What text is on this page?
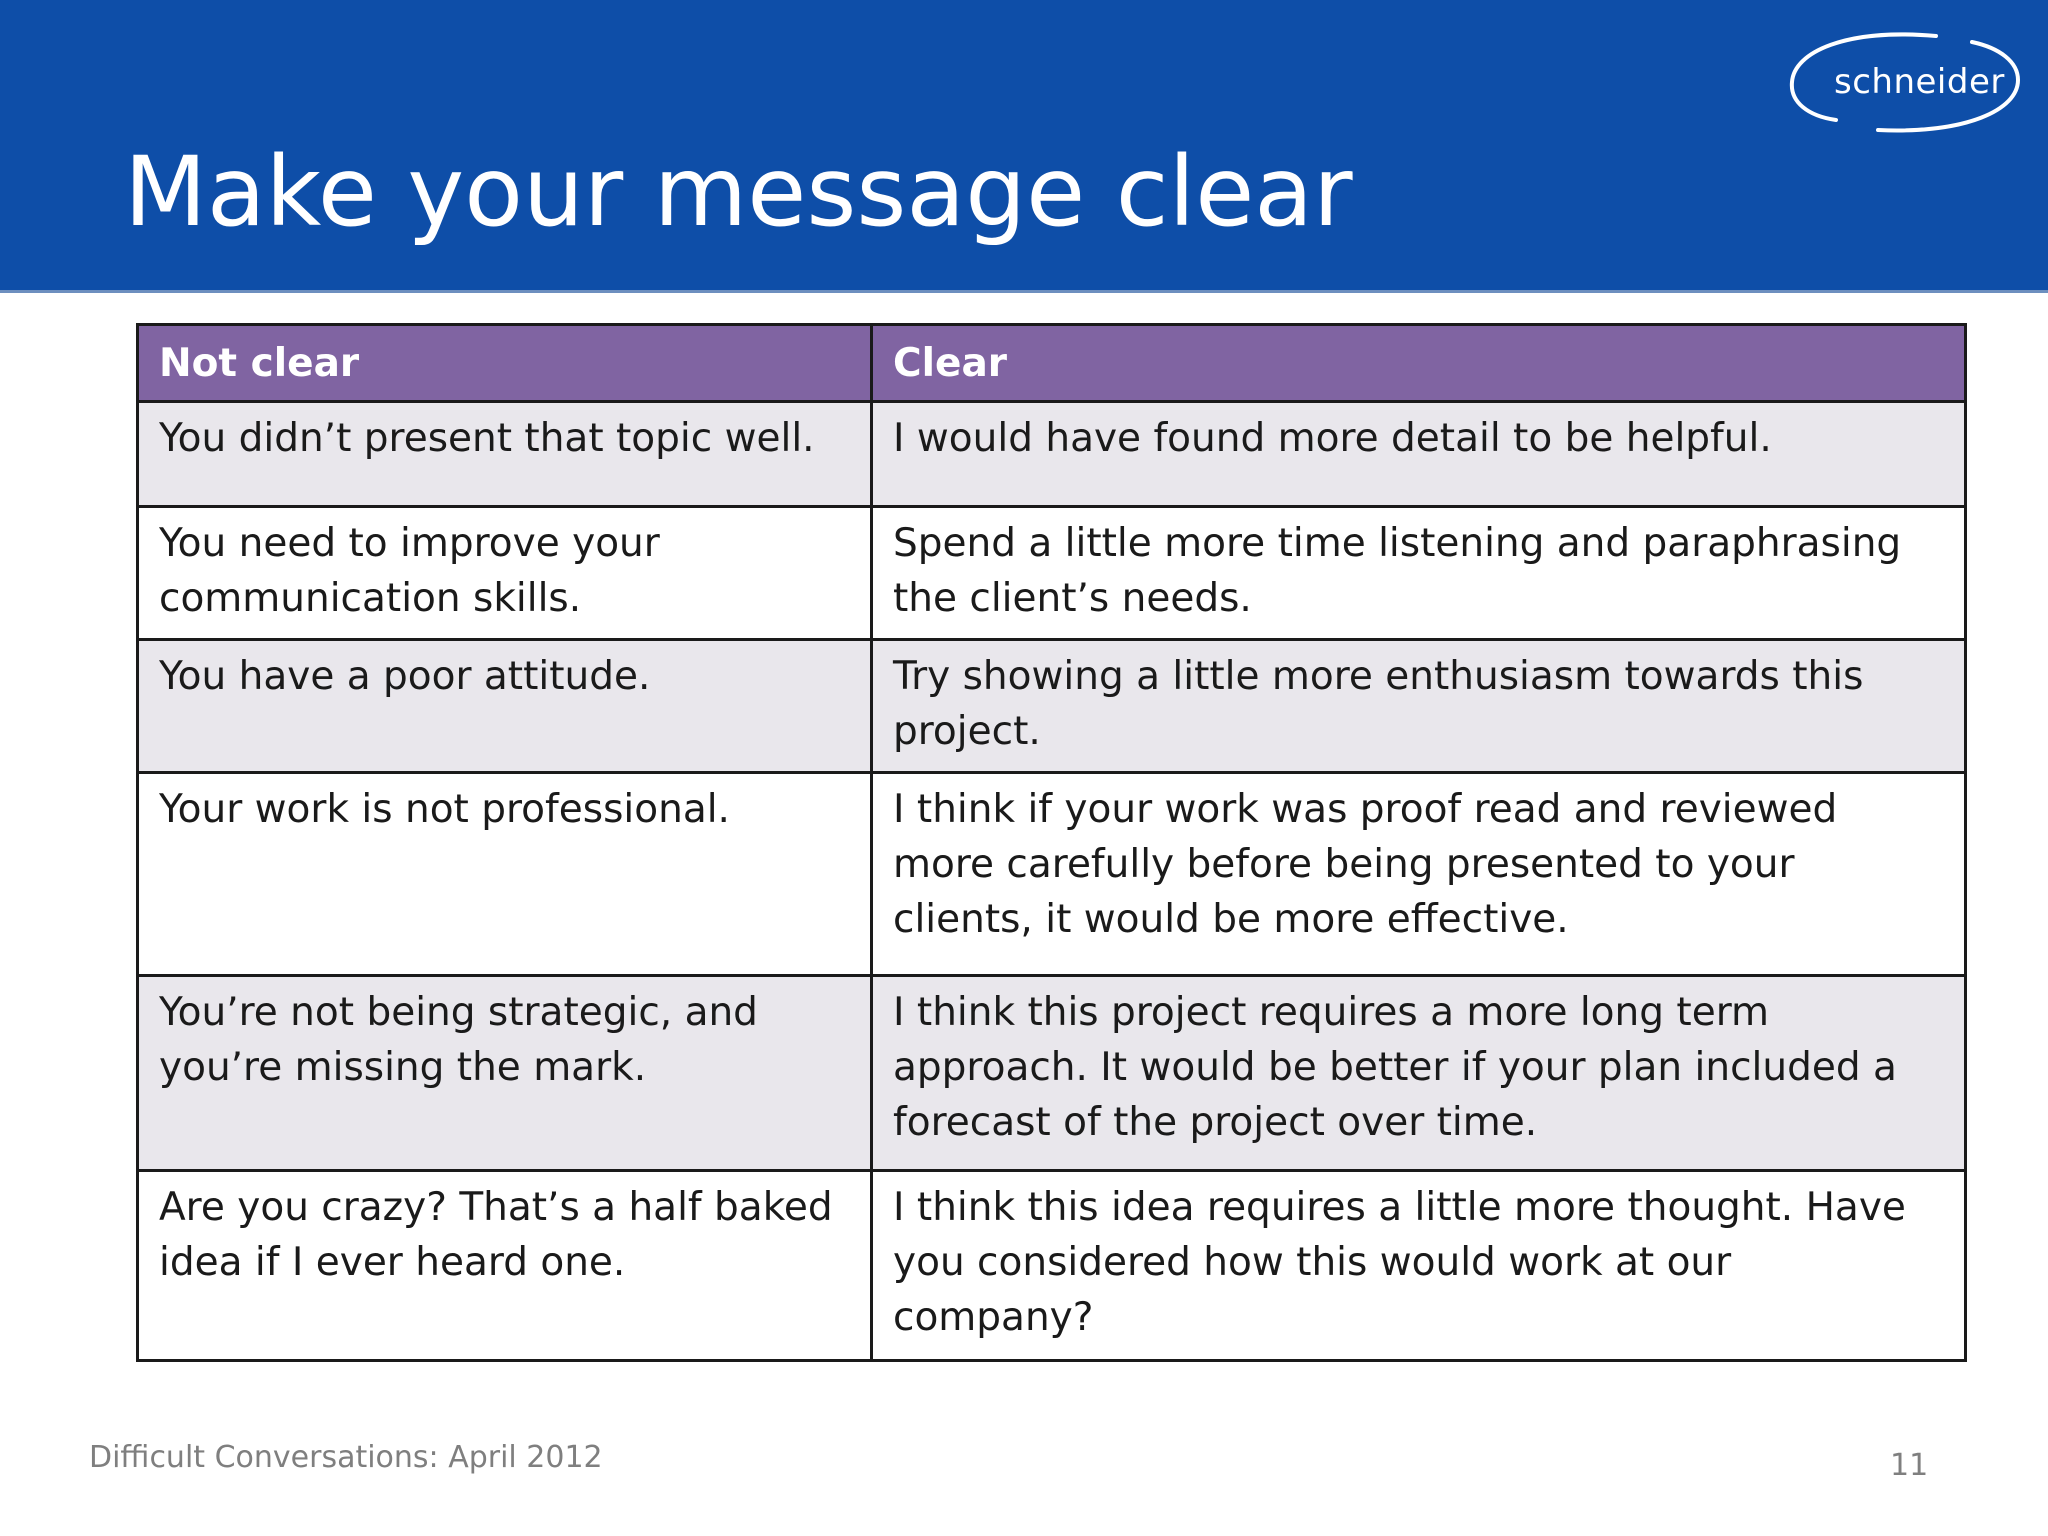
Make your message clear
schneider
Not clear	Clear
You didn’t present that topic well.	I would have found more detail to be helpful.
You need to improve your communication skills.	Spend a little more time listening and paraphrasing the client’s needs.
You have a poor attitude.	Try showing a little more enthusiasm towards this project.
Your work is not professional.	I think if your work was proof read and reviewed more carefully before being presented to your clients, it would be more effective.
You’re not being strategic, and you’re missing the mark.	I think this project requires a more long term approach. It would be better if your plan included a forecast of the project over time.
Are you crazy? That’s a half baked idea if I ever heard one.	I think this idea requires a little more thought. Have you considered how this would work at our company?
Difficult Conversations: April 2012	11
